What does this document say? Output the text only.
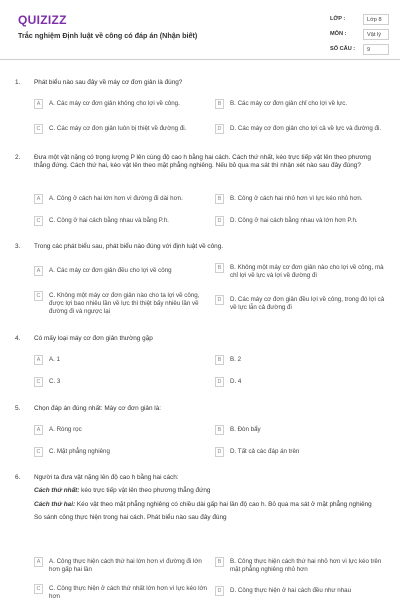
QUIZIZZ
Trắc nghiệm Định luật về công có đáp án (Nhận biết)
LỚP :	Lớp 8
MÔN :	Vật lý
SỐ CÂU :	9
1. Phát biểu nào sau đây về máy cơ đơn giản là đúng?

A	A. Các máy cơ đơn giản không cho lợi về công.	B	B. Các máy cơ đơn giản chỉ cho lợi về lực.
C	C. Các máy cơ đơn giản luôn bị thiệt về đường đi.	D	D. Các máy cơ đơn giản cho lợi cả về lực và đường đi.
2. Đưa một vật nặng có trọng lượng P lên cùng độ cao h bằng hai cách. Cách thứ nhất, kéo trực tiếp vật lên theo phương thẳng đứng. Cách thứ hai, kéo vật lên theo mặt phẳng nghiêng. Nếu bỏ qua ma sát thì nhận xét nào sau đây đúng?

A	A. Công ở cách hai lớn hơn vì đường đi dài hơn.	B	B. Công ở cách hai nhỏ hơn vì lực kéo nhỏ hơn.
C	C. Công ở hai cách bằng nhau và bằng P.h.	D	D. Công ở hai cách bằng nhau và lớn hơn P.h.
3. Trong các phát biểu sau, phát biểu nào đúng với định luật về công.

A	A. Các máy cơ đơn giản đều cho lợi về công	B	B. Không một máy cơ đơn giản nào cho lợi về công, mà chỉ lợi về lực và lợi về đường đi
C	C. Không một máy cơ đơn giản nào cho ta lợi về công, được lợi bao nhiêu lần về lực thì thiệt bấy nhiêu lần về đường đi và ngược lại
D	D. Các máy cơ đơn giản đều lợi về công, trong đó lợi cả về lực lẫn cả đường đi
4. Có mấy loại máy cơ đơn giản thường gặp

A	A. 1	B	B. 2
C	C. 3	D	D. 4
5. Chọn đáp án đúng nhất: Máy cơ đơn giản là:

A	A. Ròng rọc	B	B. Đòn bẩy
C	C. Mặt phẳng nghiêng	D	D. Tất cả các đáp án trên
6. Người ta đưa vật nặng lên độ cao h bằng hai cách:

Cách thứ nhất: kéo trực tiếp vật lên theo phương thẳng đứng

Cách thứ hai: Kéo vật theo mặt phẳng nghiêng có chiều dài gấp hai lần độ cao h. Bỏ qua ma sát ở mặt phẳng nghiêng

So sánh công thực hiện trong hai cách. Phát biểu nào sau đây đúng

A	A. Công thực hiện cách thứ hai lớn hơn vì đường đi lớn hơn gấp hai lần
B	B. Công thực hiện cách thứ hai nhỏ hơn vì lực kéo trên mặt phẳng nghiêng nhỏ hơn
C	C. Công thực hiện ở cách thứ nhất lớn hơn vì lực kéo lớn hơn
D	D. Công thực hiện ở hai cách đều như nhau
